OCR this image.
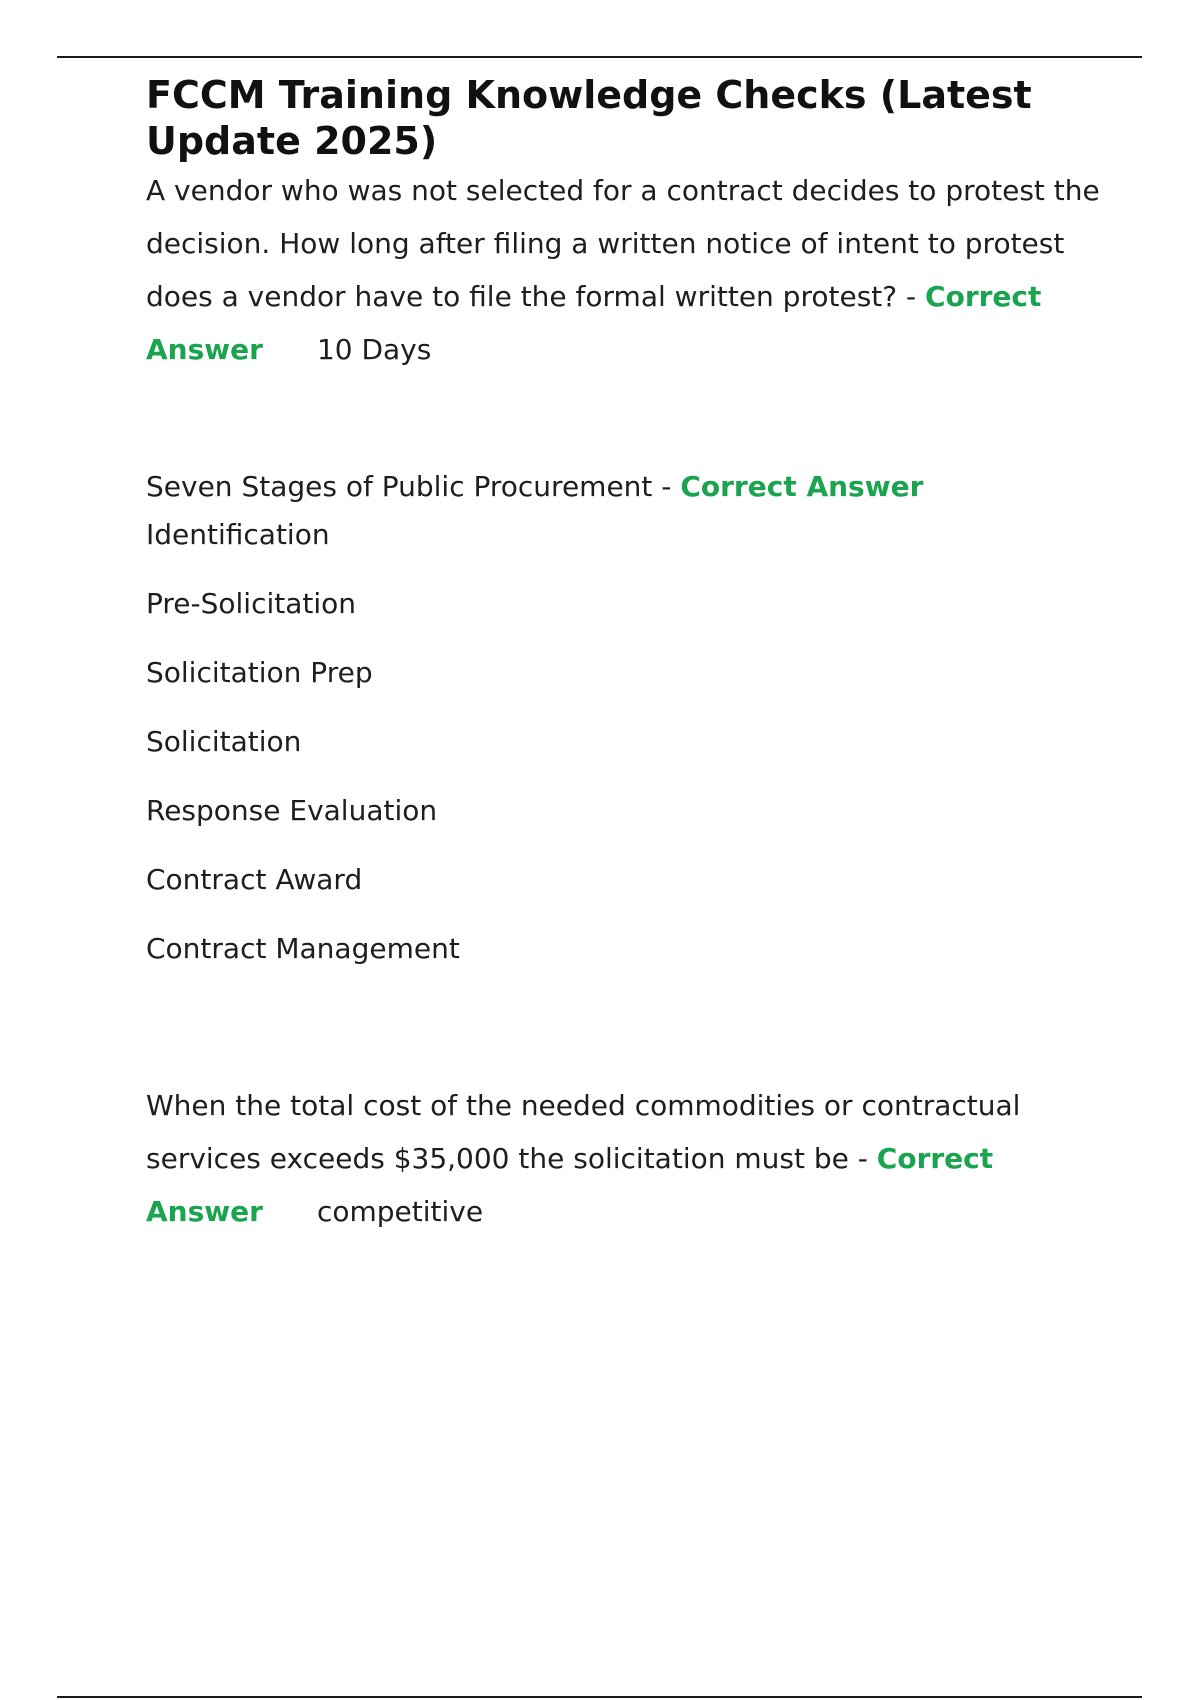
FCCM Training Knowledge Checks (Latest Update 2025)

A vendor who was not selected for a contract decides to protest the decision. How long after filing a written notice of intent to protest does a vendor have to file the formal written protest? - Correct Answer 10 Days

Seven Stages of Public Procurement - Correct Answer

Identification

Pre-Solicitation

Solicitation Prep

Solicitation

Response Evaluation

Contract Award

Contract Management

When the total cost of the needed commodities or contractual services exceeds $35,000 the solicitation must be - Correct Answer competitive
